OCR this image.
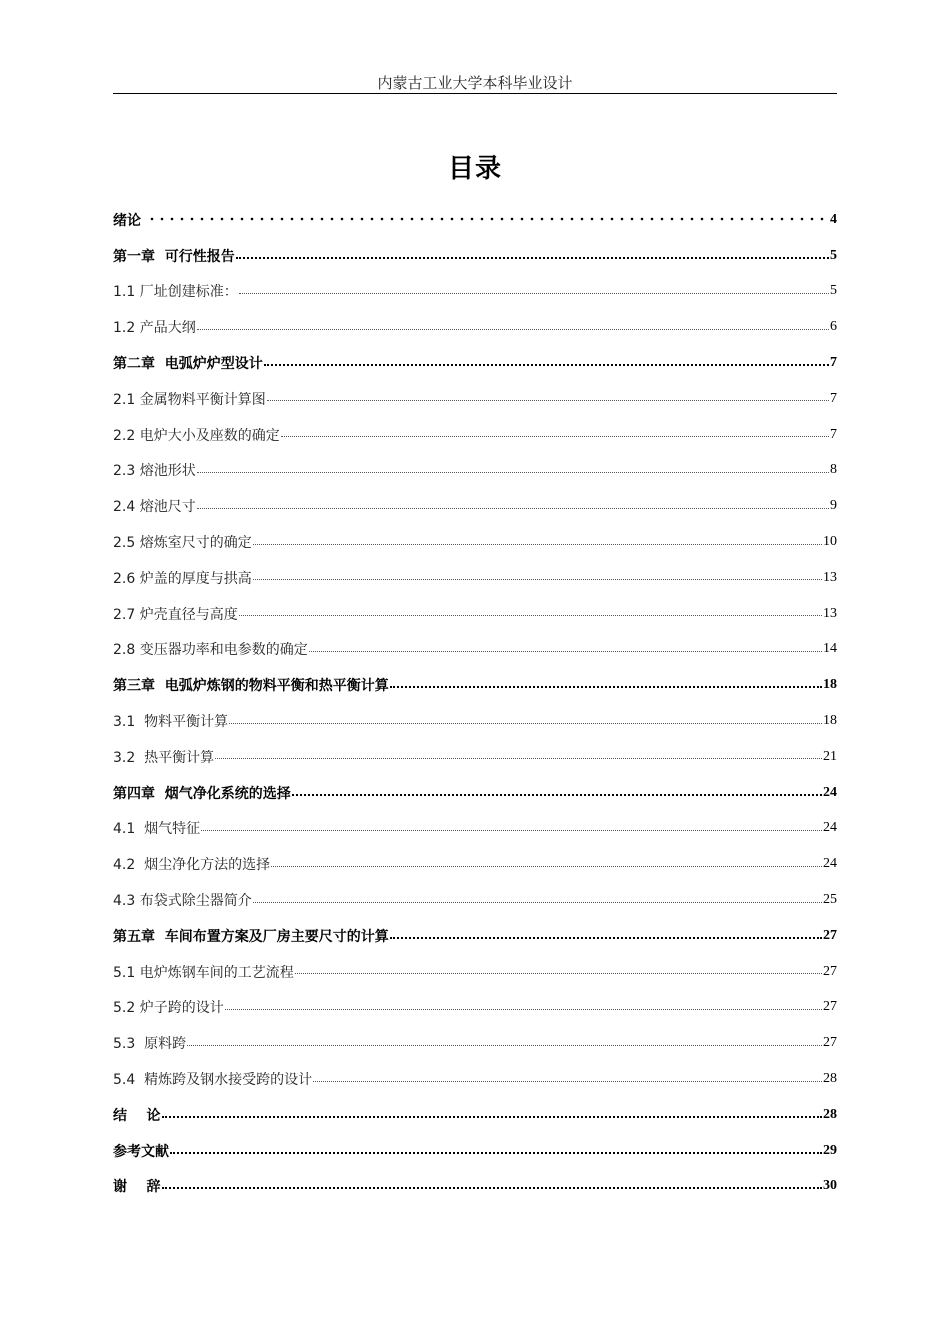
内蒙古工业大学本科毕业设计
目录
绪论	4
第一章  可行性报告	5
1.1 厂址创建标准：	5
1.2 产品大纲	6
第二章  电弧炉炉型设计	7
2.1 金属物料平衡计算图	7
2.2 电炉大小及座数的确定	7
2.3 熔池形状	8
2.4 熔池尺寸	9
2.5 熔炼室尺寸的确定	10
2.6 炉盖的厚度与拱高	13
2.7 炉壳直径与高度	13
2.8 变压器功率和电参数的确定	14
第三章  电弧炉炼钢的物料平衡和热平衡计算	18
3.1  物料平衡计算	18
3.2  热平衡计算	21
第四章  烟气净化系统的选择	24
4.1  烟气特征	24
4.2  烟尘净化方法的选择	24
4.3 布袋式除尘器简介	25
第五章  车间布置方案及厂房主要尺寸的计算	27
5.1 电炉炼钢车间的工艺流程	27
5.2 炉子跨的设计	27
5.3  原料跨	27
5.4  精炼跨及钢水接受跨的设计	28
结    论	28
参考文献	29
谢    辞	30
